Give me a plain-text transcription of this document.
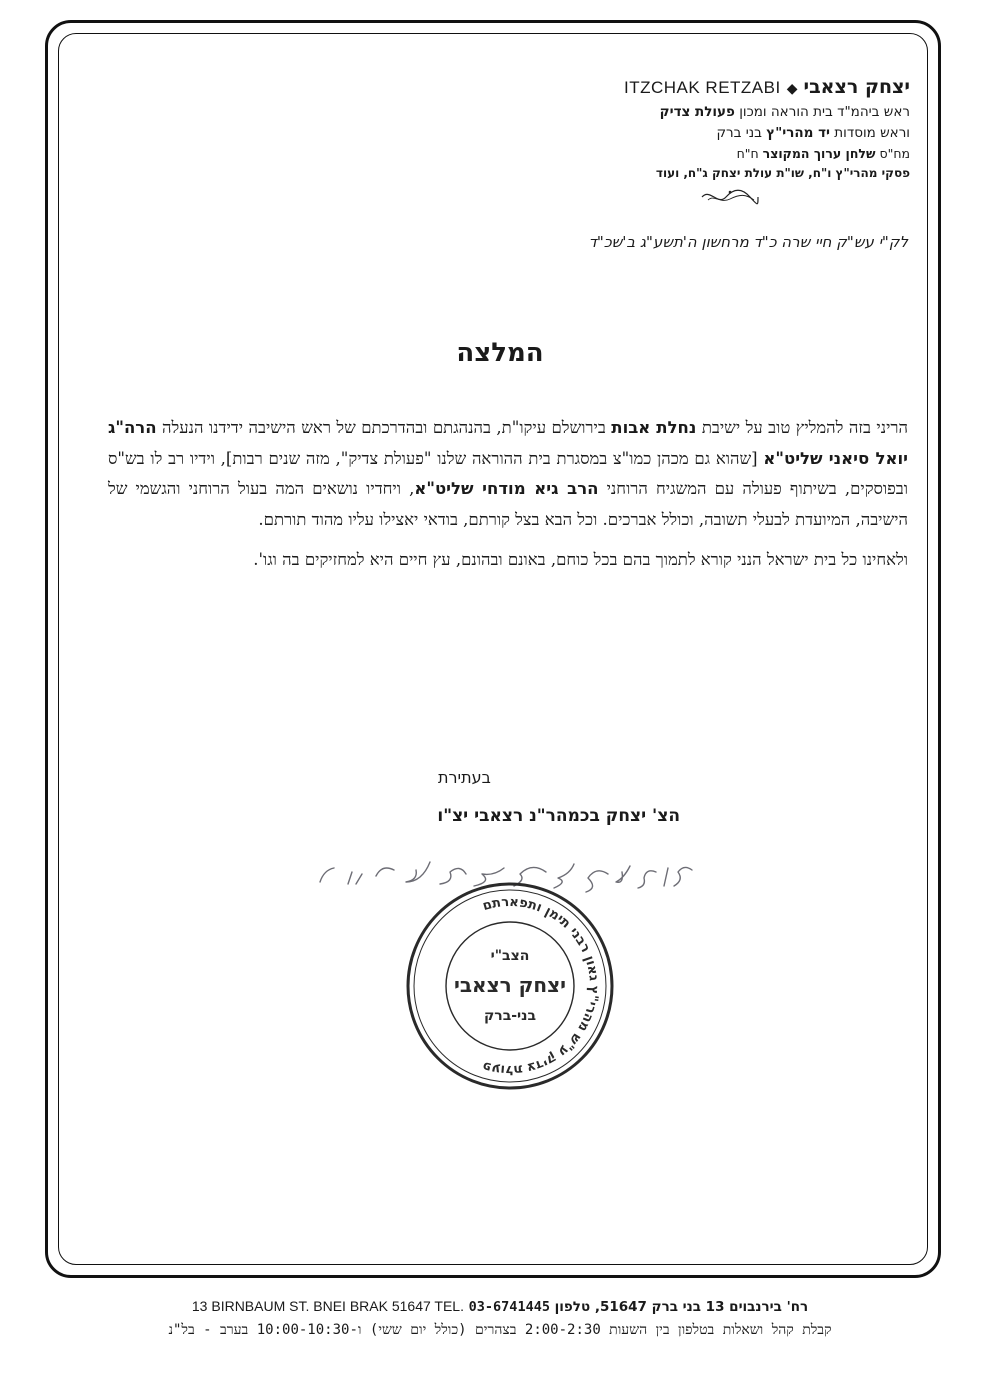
ITZCHAK RETZABI ◆ יצחק רצאבי
ראש ביהמ"ד בית הוראה ומכון פעולת צדיק
וראש מוסדות יד מהרי"ץ בני ברק
מח"ס שלחן ערוך המקוצר ח"ח
פסקי מהרי"ץ ו"ח, שו"ת עולת יצחק ג"ח, ועוד
לק"י עש"ק חיי שרה כ"ד מרחשון ה'תשע"ג ב'שכ"ד
המלצה

הריני בזה להמליץ טוב על ישיבת נחלת אבות בירושלם עיקו"ת, בהנהגתם ובהדרכתם של ראש הישיבה ידידנו הנעלה הרה"ג יואל סיאני שליט"א [שהוא גם מכהן כמו"צ במסגרת בית ההוראה שלנו "פעולת צדיק", מזה שנים רבות], וידיו רב לו בש"ס ובפוסקים, בשיתוף פעולה עם המשגיח הרוחני הרב גיא מודחי שליט"א, ויחדיו נושאים המה בעול הרוחני והגשמי של הישיבה, המיועדת לבעלי תשובה, וכולל אברכים. וכל הבא בצל קורתם, בודאי יאצילו עליו מהוד תורתם.

ולאחינו כל בית ישראל הנני קורא לתמוך בהם בכל כוחם, באונם ובהונם, עץ חיים היא למחזיקים בה וגו'.

בעתירת
הצ' יצחק בכמהר"נ רצאבי יצ"ו
פעולת צדיק ע"ש מהרי"ץ גאון רבני תימן ותפארתם
הצב"י
יצחק רצאבי
בני-ברק
13 BIRNBAUM ST. BNEI BRAK 51647 TEL. 03-6741445 רח' בירנבוים 13 בני ברק 51647, טלפון
קבלת קהל ושאלות בטלפון בין השעות 2:00-2:30 בצהרים (כולל יום ששי) ו-10:00-10:30 בערב - בל"נ
